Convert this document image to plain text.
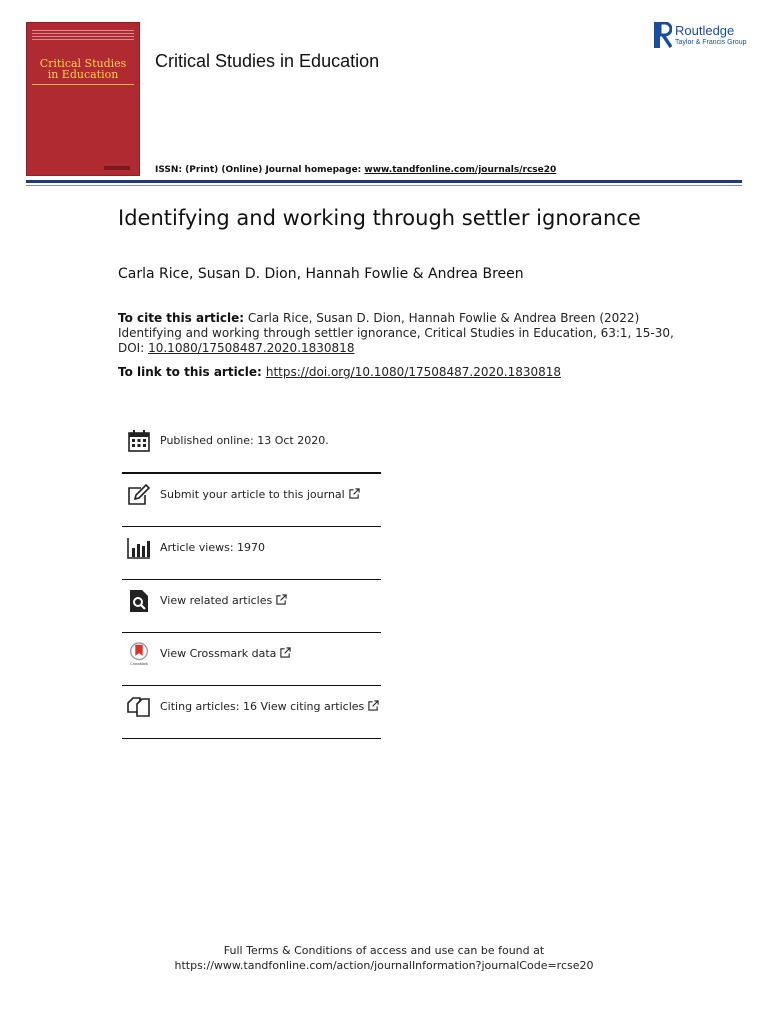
Critical Studies
in Education
Critical Studies in Education
Routledge
Taylor & Francis Group
ISSN: (Print) (Online) Journal homepage: www.tandfonline.com/journals/rcse20
Identifying and working through settler ignorance
Carla Rice, Susan D. Dion, Hannah Fowlie & Andrea Breen
To cite this article: Carla Rice, Susan D. Dion, Hannah Fowlie & Andrea Breen (2022) Identifying and working through settler ignorance, Critical Studies in Education, 63:1, 15-30, DOI: 10.1080/17508487.2020.1830818
To link to this article: https://doi.org/10.1080/17508487.2020.1830818
Published online: 13 Oct 2020.
Submit your article to this journal
Article views: 1970
View related articles
CrossMark
View Crossmark data
Citing articles: 16 View citing articles
Full Terms & Conditions of access and use can be found at
https://www.tandfonline.com/action/journalInformation?journalCode=rcse20
